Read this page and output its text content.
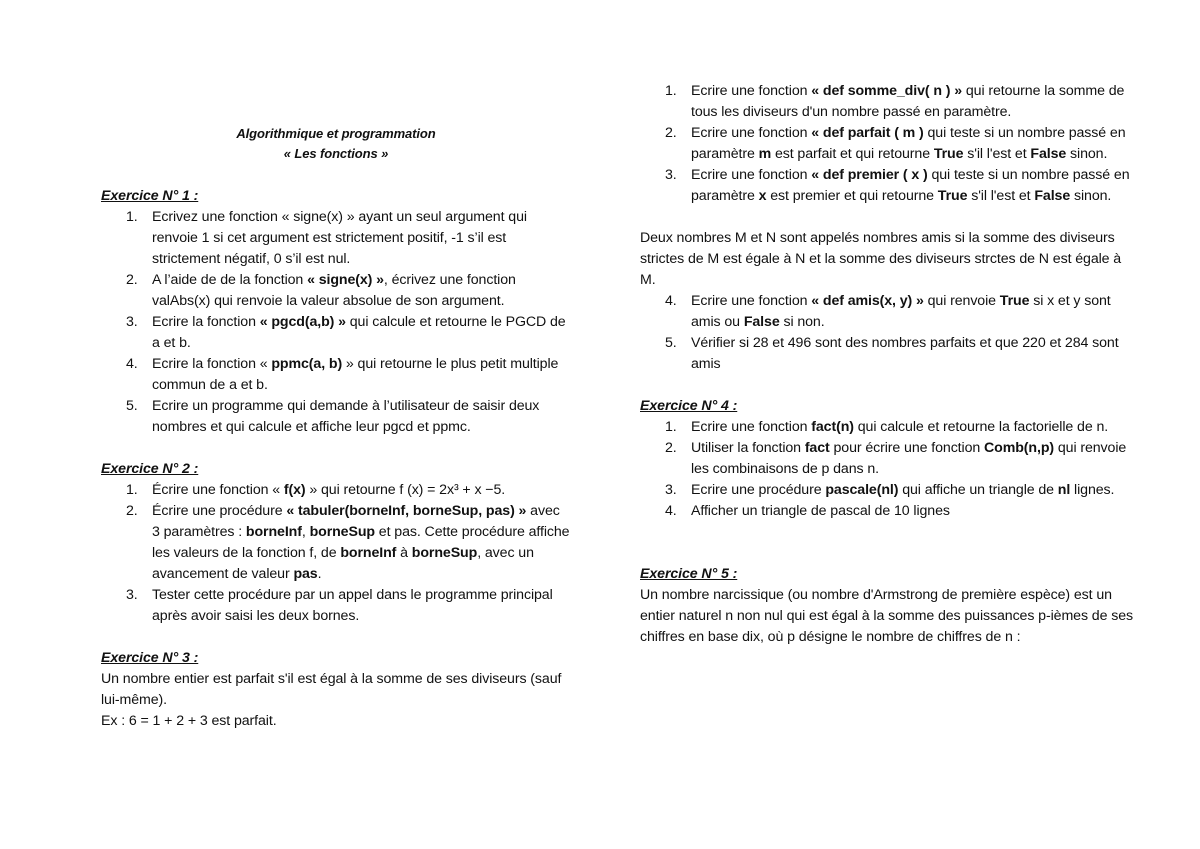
Algorithmique et programmation
« Les fonctions »
Exercice N° 1 :
1. Ecrivez une fonction « signe(x) » ayant un seul argument qui renvoie 1 si cet argument est strictement positif, -1 s’il est strictement négatif, 0 s’il est nul.
2. A l’aide de de la fonction « signe(x) », écrivez une fonction valAbs(x) qui renvoie la valeur absolue de son argument.
3. Ecrire la fonction « pgcd(a,b) » qui calcule et retourne le PGCD de a et b.
4. Ecrire la fonction « ppmc(a, b) » qui retourne le plus petit multiple commun de a et b.
5. Ecrire un programme qui demande à l’utilisateur de saisir deux nombres et qui calcule et affiche leur pgcd et ppmc.
Exercice N° 2 :
1. Écrire une fonction « f(x) » qui retourne f (x) = 2x³ + x −5.
2. Écrire une procédure « tabuler(borneInf, borneSup, pas) » avec 3 paramètres : borneInf, borneSup et pas. Cette procédure affiche les valeurs de la fonction f, de borneInf à borneSup, avec un avancement de valeur pas.
3. Tester cette procédure par un appel dans le programme principal après avoir saisi les deux bornes.
Exercice N° 3 :

Un nombre entier est parfait s'il est égal à la somme de ses diviseurs (sauf lui-même).

Ex : 6 = 1 + 2 + 3 est parfait.

1. Ecrire une fonction « def somme_div( n ) » qui retourne la somme de tous les diviseurs d'un nombre passé en paramètre.
2. Ecrire une fonction « def parfait ( m ) qui teste si un nombre passé en paramètre m est parfait et qui retourne True s'il l'est et False sinon.
3. Ecrire une fonction « def premier ( x ) qui teste si un nombre passé en paramètre x est premier et qui retourne True s'il l'est et False sinon.

Deux nombres M et N sont appelés nombres amis si la somme des diviseurs strictes de M est égale à N et la somme des diviseurs strctes de N est égale à M.

4. Ecrire une fonction « def amis(x, y) » qui renvoie True si x et y sont amis ou False si non.
5. Vérifier si 28 et 496 sont des nombres parfaits et que 220 et 284 sont amis
Exercice N° 4 :
1. Ecrire une fonction fact(n) qui calcule et retourne la factorielle de n.
2. Utiliser la fonction fact pour écrire une fonction Comb(n,p) qui renvoie les combinaisons de p dans n.
3. Ecrire une procédure pascale(nl) qui affiche un triangle de nl lignes.
4. Afficher un triangle de pascal de 10 lignes
Exercice N° 5 :

Un nombre narcissique (ou nombre d'Armstrong de première espèce) est un entier naturel n non nul qui est égal à la somme des puissances p-ièmes de ses chiffres en base dix, où p désigne le nombre de chiffres de n :
